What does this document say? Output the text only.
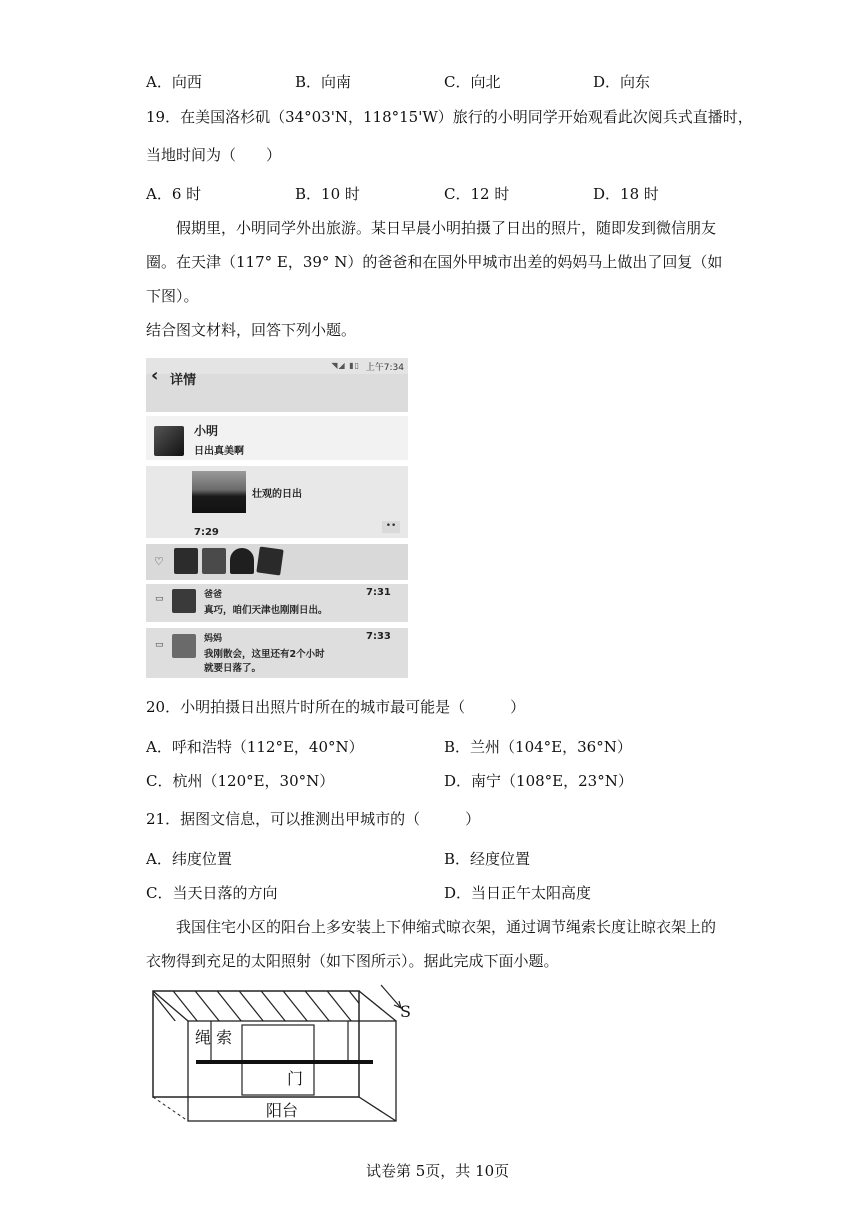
A．向西	B．向南	C．向北	D．向东
19．在美国洛杉矶（34°03'N，118°15'W）旅行的小明同学开始观看此次阅兵式直播时，
当地时间为（　　）
A．6 时	B．10 时	C．12 时	D．18 时
假期里，小明同学外出旅游。某日早晨小明拍摄了日出的照片，随即发到微信朋友
圈。在天津（117° E，39° N）的爸爸和在国外甲城市出差的妈妈马上做出了回复（如
下图）。
结合图文材料，回答下列小题。
◥◢ ▮▯ 上午7:34
‹ 详情
小明
日出真美啊
壮观的日出
7:29
••
♡
▭	爸爸	7:31
真巧，咱们天津也刚刚日出。
▭
妈妈	7:33
我刚散会，这里还有2个小时
就要日落了。
20．小明拍摄日出照片时所在的城市最可能是（　　　）
A．呼和浩特（112°E，40°N）	B．兰州（104°E，36°N）
C．杭州（120°E，30°N）	D．南宁（108°E，23°N）
21．据图文信息，可以推测出甲城市的（　　　）
A．纬度位置	B．经度位置
C．当天日落的方向	D．当日正午太阳高度
我国住宅小区的阳台上多安装上下伸缩式晾衣架，通过调节绳索长度让晾衣架上的
衣物得到充足的太阳照射（如下图所示）。据此完成下面小题。
绳 索
门
阳台
S
试卷第 5页，共 10页
